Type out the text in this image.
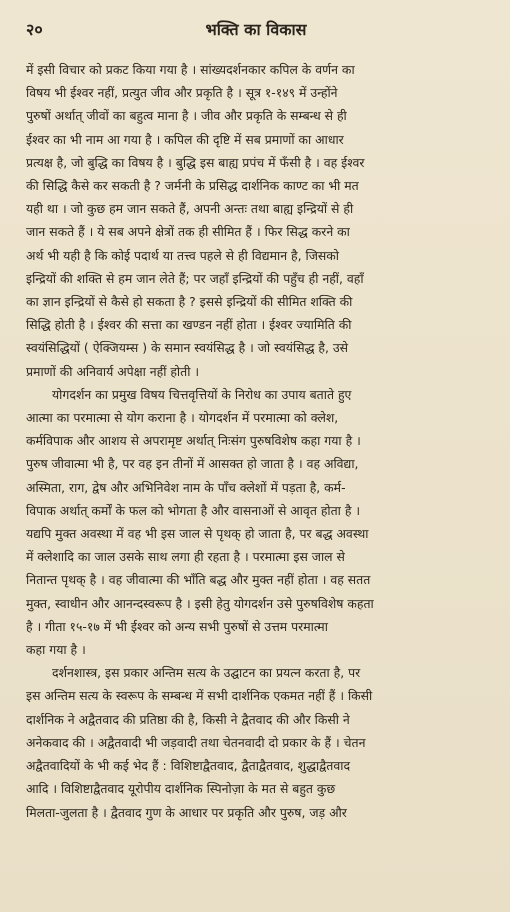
२०	भक्ति का विकास

में इसी विचार को प्रकट किया गया है । सांख्यदर्शनकार कपिल के वर्णन का
विषय भी ईश्वर नहीं, प्रत्युत जीव और प्रकृति है । सूत्र १-१४९ में उन्होंने
पुरुषों अर्थात् जीवों का बहुत्व माना है । जीव और प्रकृति के सम्बन्ध से ही
ईश्वर का भी नाम आ गया है । कपिल की दृष्टि में सब प्रमाणों का आधार
प्रत्यक्ष है, जो बुद्धि का विषय है । बुद्धि इस बाह्य प्रपंच में फँसी है । वह ईश्वर
की सिद्धि कैसे कर सकती है ? जर्मनी के प्रसिद्ध दार्शनिक काण्ट का भी मत
यही था । जो कुछ हम जान सकते हैं, अपनी अन्तः तथा बाह्य इन्द्रियों से ही
जान सकते हैं । ये सब अपने क्षेत्रों तक ही सीमित हैं । फिर सिद्ध करने का
अर्थ भी यही है कि कोई पदार्थ या तत्त्व पहले से ही विद्यमान है, जिसको
इन्द्रियों की शक्ति से हम जान लेते हैं; पर जहाँ इन्द्रियों की पहुँच ही नहीं, वहाँ
का ज्ञान इन्द्रियों से कैसे हो सकता है ? इससे इन्द्रियों की सीमित शक्ति की
सिद्धि होती है । ईश्वर की सत्ता का खण्डन नहीं होता । ईश्वर ज्यामिति की
स्वयंसिद्धियों ( ऐक्जियम्स ) के समान स्वयंसिद्ध है । जो स्वयंसिद्ध है, उसे
प्रमाणों की अनिवार्य अपेक्षा नहीं होती ।

योगदर्शन का प्रमुख विषय चित्तवृत्तियों के निरोध का उपाय बताते हुए
आत्मा का परमात्मा से योग कराना है । योगदर्शन में परमात्मा को क्लेश,
कर्मविपाक और आशय से अपरामृष्ट अर्थात् निःसंग पुरुषविशेष कहा गया है ।
पुरुष जीवात्मा भी है, पर वह इन तीनों में आसक्त हो जाता है । वह अविद्या,
अस्मिता, राग, द्वेष और अभिनिवेश नाम के पाँच क्लेशों में पड़ता है, कर्म-
विपाक अर्थात् कर्मों के फल को भोगता है और वासनाओं से आवृत होता है ।
यद्यपि मुक्त अवस्था में वह भी इस जाल से पृथक् हो जाता है, पर बद्ध अवस्था
में क्लेशादि का जाल उसके साथ लगा ही रहता है । परमात्मा इस जाल से
नितान्त पृथक् है । वह जीवात्मा की भाँति बद्ध और मुक्त नहीं होता । वह सतत
मुक्त, स्वाधीन और आनन्दस्वरूप है । इसी हेतु योगदर्शन उसे पुरुषविशेष कहता
है । गीता १५-१७ में भी ईश्वर को अन्य सभी पुरुषों से उत्तम परमात्मा
कहा गया है ।

दर्शनशास्त्र, इस प्रकार अन्तिम सत्य के उद्घाटन का प्रयत्न करता है, पर
इस अन्तिम सत्य के स्वरूप के सम्बन्ध में सभी दार्शनिक एकमत नहीं हैं । किसी
दार्शनिक ने अद्वैतवाद की प्रतिष्ठा की है, किसी ने द्वैतवाद की और किसी ने
अनेकवाद की । अद्वैतवादी भी जड़वादी तथा चेतनवादी दो प्रकार के हैं । चेतन
अद्वैतवादियों के भी कई भेद हैं : विशिष्टाद्वैतवाद, द्वैताद्वैतवाद, शुद्धाद्वैतवाद
आदि । विशिष्टाद्वैतवाद यूरोपीय दार्शनिक स्पिनोज़ा के मत से बहुत कुछ
मिलता-जुलता है । द्वैतवाद गुण के आधार पर प्रकृति और पुरुष, जड़ और
